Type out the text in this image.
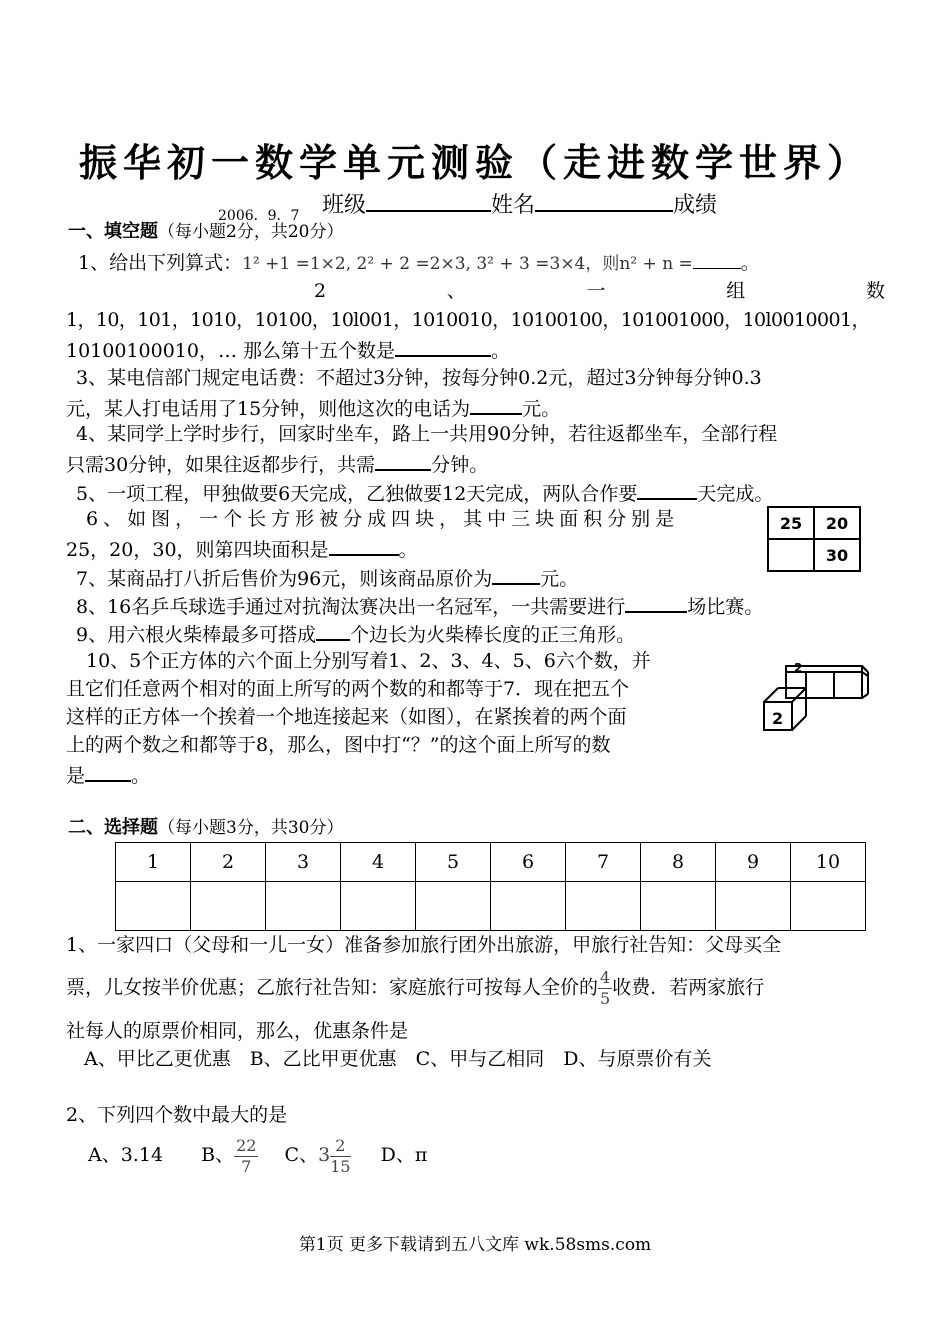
振华初一数学单元测验（走进数学世界）
2006．9．7 班级	姓名	成绩
一、填空题（每小题2分，共20分）
1、给出下列算式：1² +1 =1×2, 2² + 2 =2×3, 3² + 3 =3×4，则n² + n =	。
2	、	一	组	数
1，10，101，1010，10100，10l001，1010010，10100100，101001000，10l0010001，
10100100010，… 那么第十五个数是	。
3、某电信部门规定电话费：不超过3分钟，按每分钟0.2元，超过3分钟每分钟0.3
元，某人打电话用了15分钟，则他这次的电话为	元。
4、某同学上学时步行，回家时坐车，路上一共用90分钟，若往返都坐车，全部行程
只需30分钟，如果往返都步行，共需	分钟。
5、一项工程，甲独做要6天完成，乙独做要12天完成，两队合作要	天完成。
6、如图，一个长方形被分成四块，其中三块面积分别是
25，20，30，则第四块面积是	。
25	20
	30
7、某商品打八折后售价为96元，则该商品原价为	元。
8、16名乒乓球选手通过对抗淘汰赛决出一名冠军，一共需要进行	场比赛。
9、用六根火柴棒最多可搭成 个边长为火柴棒长度的正三角形。
10、5个正方体的六个面上分别写着1、2、3、4、5、6六个数，并
且它们任意两个相对的面上所写的两个数的和都等于7．现在把五个
这样的正方体一个挨着一个地连接起来（如图），在紧挨着的两个面
上的两个数之和都等于8，那么，图中打“？”的这个面上所写的数
是 。
2
2
二、选择题（每小题3分，共30分）
1	2	3	4	5	6	7	8	9	10

1、一家四口（父母和一儿一女）准备参加旅行团外出旅游，甲旅行社告知：父母买全
票，儿女按半价优惠；乙旅行社告知：家庭旅行可按每人全价的 $\frac{4}{5}$ 收费．若两家旅行
社每人的原票价相同，那么，优惠条件是
A、甲比乙更优惠　B、乙比甲更优惠　C、甲与乙相同　D、与原票价有关
2、下列四个数中最大的是
A、3.14 B、 $\frac{22}{7}$ C、$3 \frac{2}{15}$ D、π
第1页 更多下载请到五八文库 wk.58sms.com
